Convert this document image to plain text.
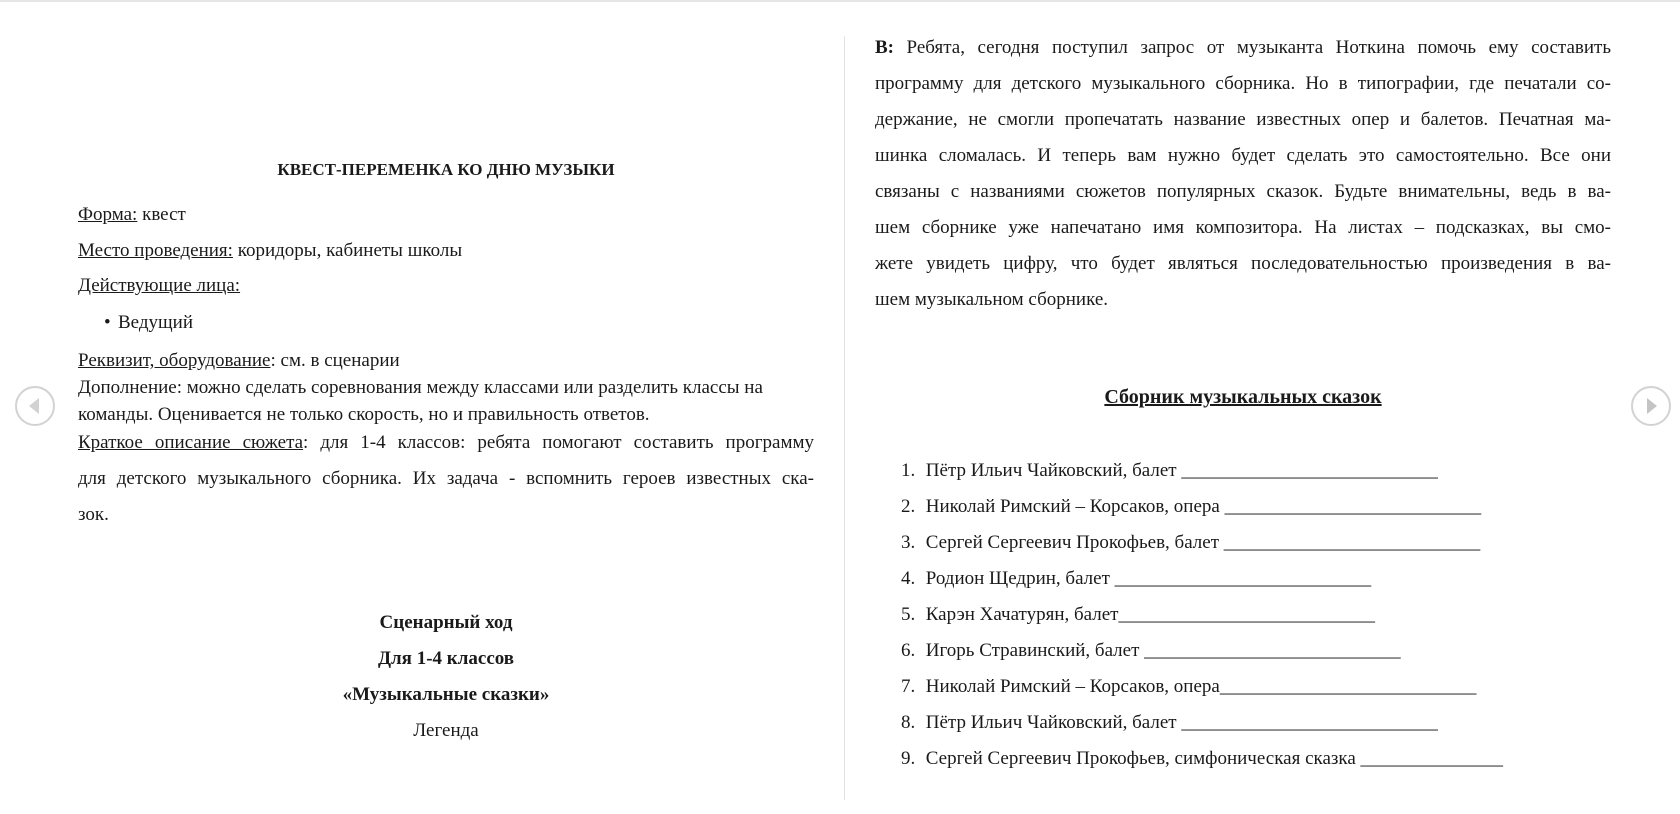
КВЕСТ-ПЕРЕМЕНКА КО ДНЮ МУЗЫКИ
Форма: квест
Место проведения: коридоры, кабинеты школы
Действующие лица:
• Ведущий
Реквизит, оборудование: см. в сценарии
Дополнение: можно сделать соревнования между классами или разделить классы на
команды. Оценивается не только скорость, но и правильность ответов.
Краткое описание сюжета: для 1-4 классов: ребята помогают составить программу
для детского музыкального сборника. Их задача - вспомнить героев известных ска-
зок.
Сценарный ход
Для 1-4 классов
«Музыкальные сказки»
Легенда
В: Ребята, сегодня поступил запрос от музыканта Ноткина помочь ему составить
программу для детского музыкального сборника. Но в типографии, где печатали со-
держание, не смогли пропечатать название известных опер и балетов. Печатная ма-
шинка сломалась. И теперь вам нужно будет сделать это самостоятельно. Все они
связаны с названиями сюжетов популярных сказок. Будьте внимательны, ведь в ва-
шем сборнике уже напечатано имя композитора. На листах – подсказках, вы смо-
жете увидеть цифру, что будет являться последовательностью произведения в ва-
шем музыкальном сборнике.
Сборник музыкальных сказок
1. Пётр Ильич Чайковский, балет ___________________________
2. Николай Римский – Корсаков, опера ___________________________
3. Сергей Сергеевич Прокофьев, балет ___________________________
4. Родион Щедрин, балет ___________________________
5. Карэн Хачатурян, балет___________________________
6. Игорь Стравинский, балет ___________________________
7. Николай Римский – Корсаков, опера___________________________
8. Пётр Ильич Чайковский, балет ___________________________
9. Сергей Сергеевич Прокофьев, симфоническая сказка _______________
